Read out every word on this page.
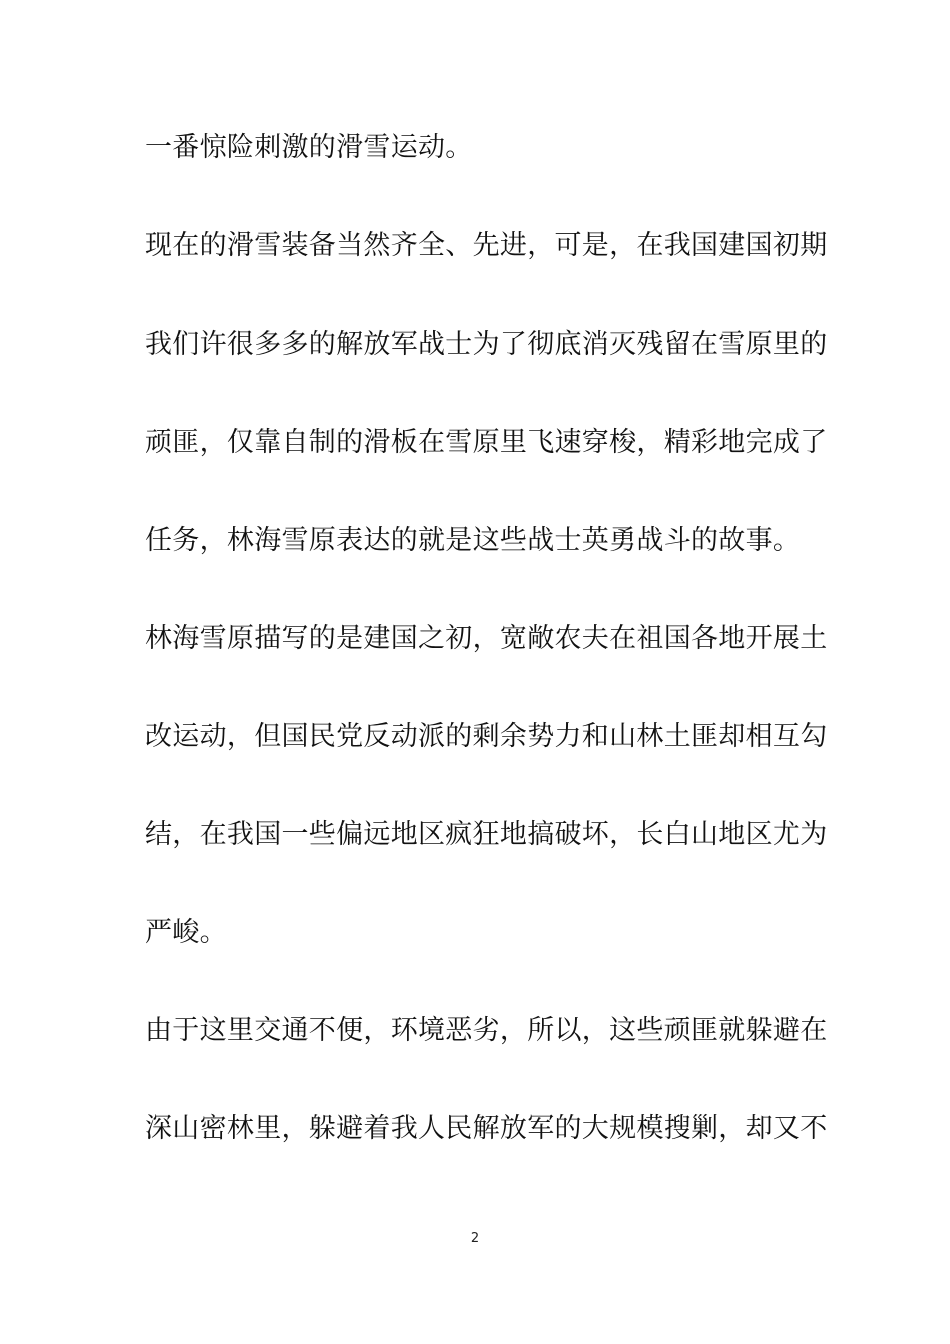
一番惊险刺激的滑雪运动。
现在的滑雪装备当然齐全、先进，可是，在我国建国初期
我们许很多多的解放军战士为了彻底消灭残留在雪原里的
顽匪，仅靠自制的滑板在雪原里飞速穿梭，精彩地完成了
任务，林海雪原表达的就是这些战士英勇战斗的故事。
林海雪原描写的是建国之初，宽敞农夫在祖国各地开展土
改运动，但国民党反动派的剩余势力和山林土匪却相互勾
结，在我国一些偏远地区疯狂地搞破坏，长白山地区尤为
严峻。
由于这里交通不便，环境恶劣，所以，这些顽匪就躲避在
深山密林里，躲避着我人民解放军的大规模搜剿，却又不
2
